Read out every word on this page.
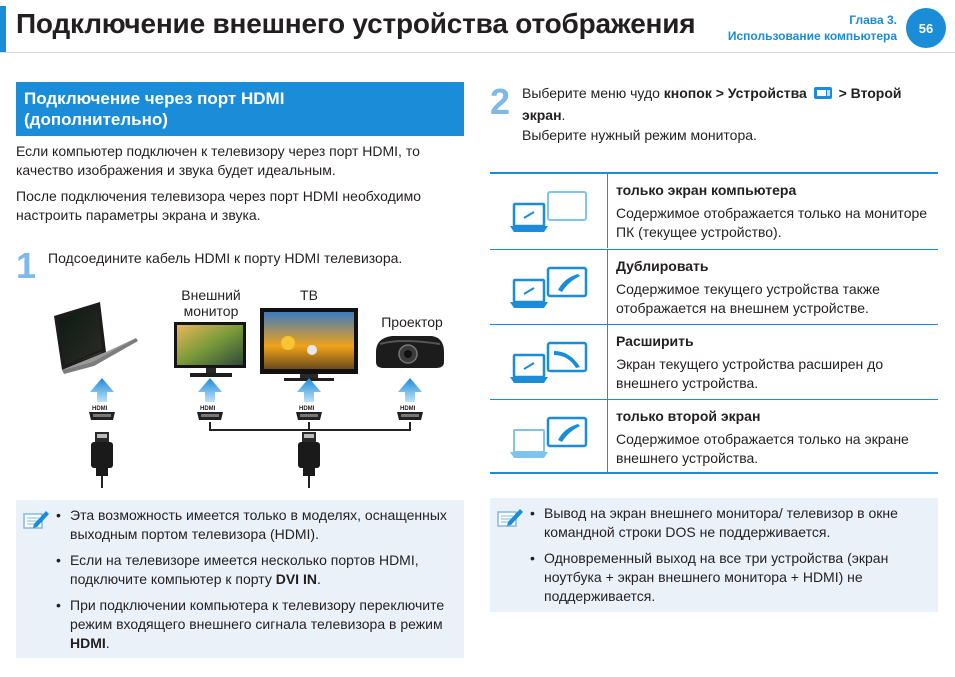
Подключение внешнего устройства отображения	Глава 3.
Использование компьютера
56
Подключение через порт HDMI
(дополнительно)
Если компьютер подключен к телевизору через порт HDMI, то качество изображения и звука будет идеальным.
После подключения телевизора через порт HDMI необходимо настроить параметры экрана и звука.
1 Подсоедините кабель HDMI к порту HDMI телевизора.
Внешний
монитор
ТВ
Проектор
HDMI	HDMI	HDMI	HDMI
• Эта возможность имеется только в моделях, оснащенных выходным портом телевизора (HDMI).
• Если на телевизоре имеется несколько портов HDMI, подключите компьютер к порту DVI IN.
• При подключении компьютера к телевизору переключите режим входящего внешнего сигнала телевизора в режим HDMI.
2 Выберите меню чудо кнопок > Устройства  > Второй экран.
Выберите нужный режим монитора.
только экран компьютера
Содержимое отображается только на мониторе ПК (текущее устройство).
Дублировать
Содержимое текущего устройства также отображается на внешнем устройстве.
Расширить
Экран текущего устройства расширен до внешнего устройства.
только второй экран
Содержимое отображается только на экране внешнего устройства.
• Вывод на экран внешнего монитора/ телевизор в окне командной строки DOS не поддерживается.
• Одновременный выход на все три устройства (экран ноутбука + экран внешнего монитора + HDMI) не поддерживается.
